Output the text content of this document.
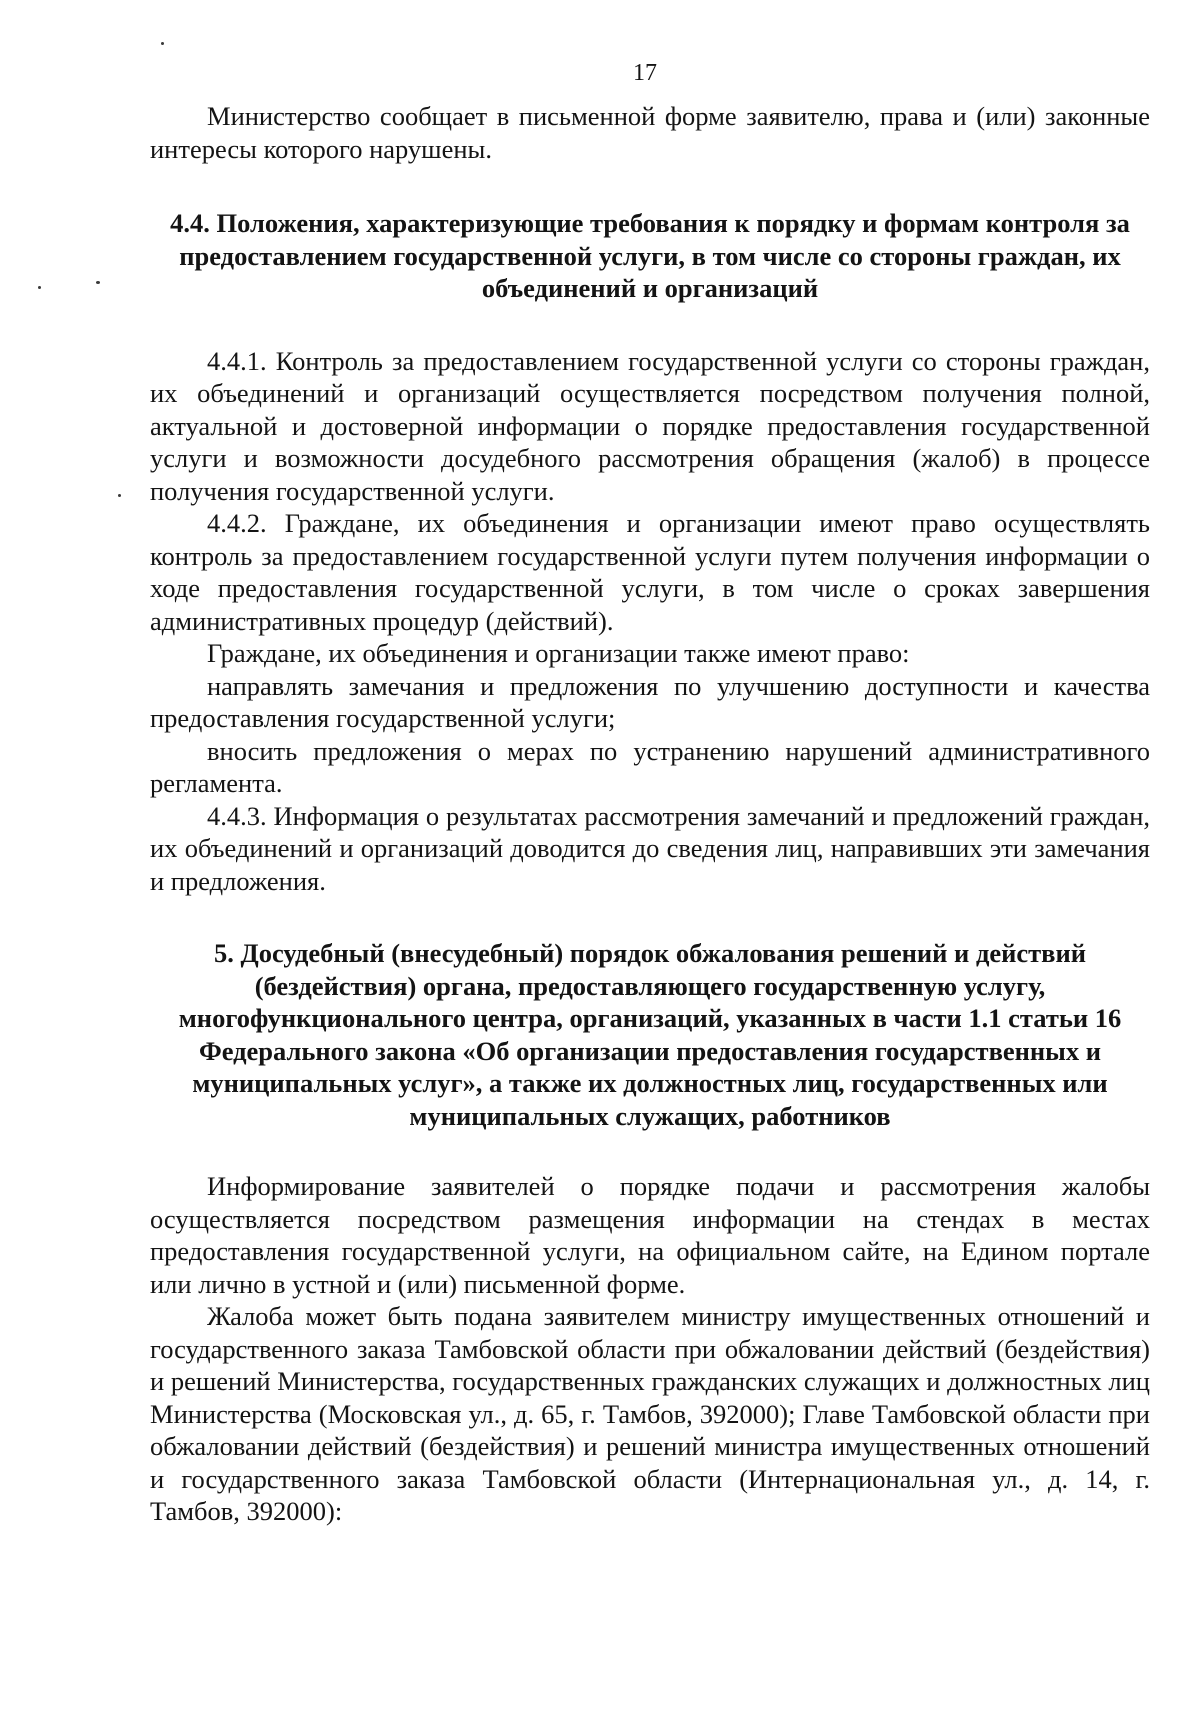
17

Министерство сообщает в письменной форме заявителю, права и (или) законные интересы которого нарушены.

4.4. Положения, характеризующие требования к порядку и формам контроля за предоставлением государственной услуги, в том числе со стороны граждан, их объединений и организаций

4.4.1. Контроль за предоставлением государственной услуги со стороны граждан, их объединений и организаций осуществляется посредством получения полной, актуальной и достоверной информации о порядке предоставления государственной услуги и возможности досудебного рассмотрения обращения (жалоб) в процессе получения государственной услуги.

4.4.2. Граждане, их объединения и организации имеют право осуществлять контроль за предоставлением государственной услуги путем получения информации о ходе предоставления государственной услуги, в том числе о сроках завершения административных процедур (действий).

Граждане, их объединения и организации также имеют право:

направлять замечания и предложения по улучшению доступности и качества предоставления государственной услуги;

вносить предложения о мерах по устранению нарушений административного регламента.

4.4.3. Информация о результатах рассмотрения замечаний и предложений граждан, их объединений и организаций доводится до сведения лиц, направивших эти замечания и предложения.

5. Досудебный (внесудебный) порядок обжалования решений и действий (бездействия) органа, предоставляющего государственную услугу, многофункционального центра, организаций, указанных в части 1.1 статьи 16 Федерального закона «Об организации предоставления государственных и муниципальных услуг», а также их должностных лиц, государственных или муниципальных служащих, работников

Информирование заявителей о порядке подачи и рассмотрения жалобы осуществляется посредством размещения информации на стендах в местах предоставления государственной услуги, на официальном сайте, на Едином портале или лично в устной и (или) письменной форме.

Жалоба может быть подана заявителем министру имущественных отношений и государственного заказа Тамбовской области при обжаловании действий (бездействия) и решений Министерства, государственных гражданских служащих и должностных лиц Министерства (Московская ул., д. 65, г. Тамбов, 392000); Главе Тамбовской области при обжаловании действий (бездействия) и решений министра имущественных отношений и государственного заказа Тамбовской области (Интернациональная ул., д. 14, г. Тамбов, 392000):
